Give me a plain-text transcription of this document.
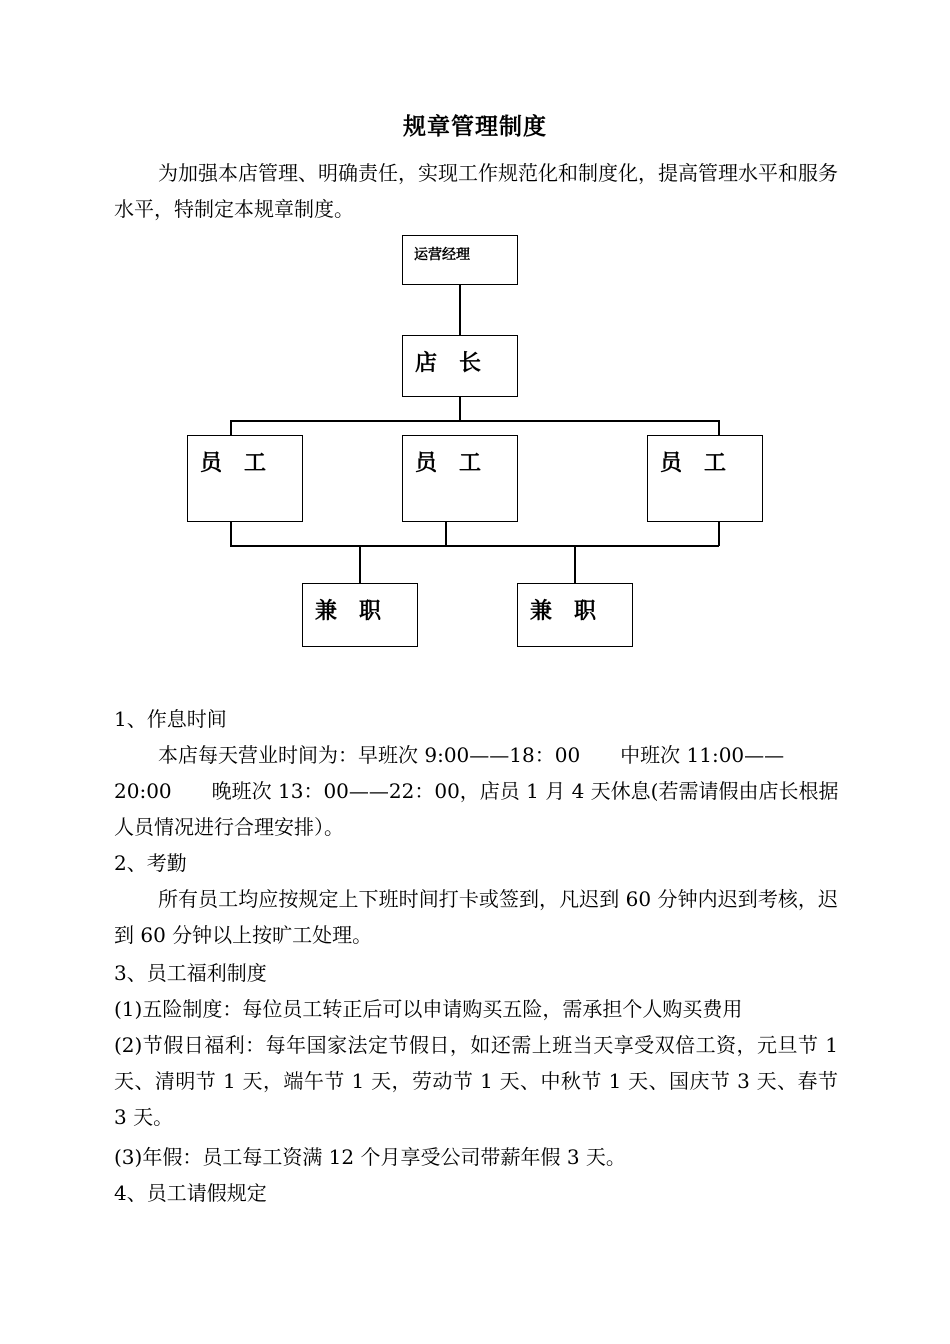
规章管理制度
为加强本店管理、明确责任，实现工作规范化和制度化，提高管理水平和服务水平，特制定本规章制度。
运营经理
店　长
员　工	员　工	员　工
兼　职	兼　职
1、作息时间
本店每天营业时间为：早班次 9:00——18：00　　中班次 11:00——
20:00　　晚班次 13：00——22：00，店员 1 月 4 天休息(若需请假由店长根据
人员情况进行合理安排）。
2、考勤
所有员工均应按规定上下班时间打卡或签到，凡迟到 60 分钟内迟到考核，迟到 60 分钟以上按旷工处理。
3、员工福利制度
(1)五险制度：每位员工转正后可以申请购买五险，需承担个人购买费用
(2)节假日福利：每年国家法定节假日，如还需上班当天享受双倍工资，元旦节 1 天、清明节 1 天，端午节 1 天，劳动节 1 天、中秋节 1 天、国庆节 3 天、春节 3 天。
(3)年假：员工每工资满 12 个月享受公司带薪年假 3 天。
4、员工请假规定
